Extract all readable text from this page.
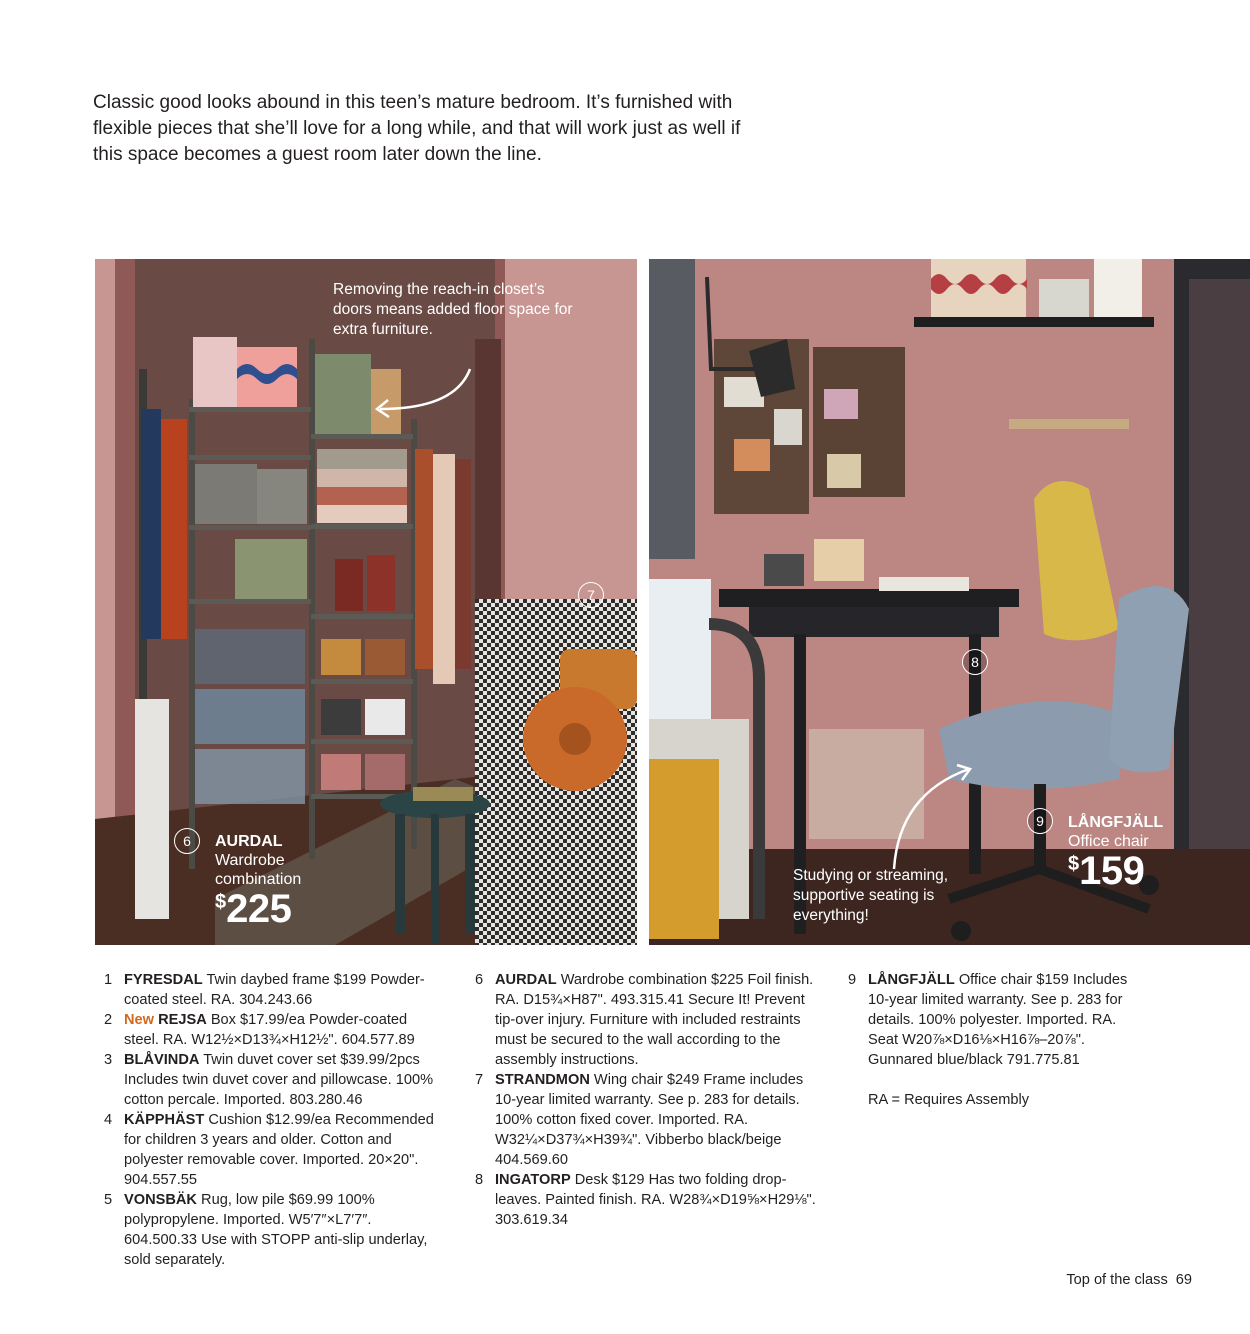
Classic good looks abound in this teen’s mature bedroom. It’s furnished with flexible pieces that she’ll love for a long while, and that will work just as well if this space becomes a guest room later down the line.

Removing the reach-in closet’s doors means added floor space for extra furniture.
7
6	AURDAL
Wardrobe
combination
$225
8
9	LÅNGFJÄLL
Office chair
$159
Studying or streaming, supportive seating is everything!
1 FYRESDAL Twin daybed frame $199 Powder-coated steel. RA. 304.243.66
2 New REJSA Box $17.99/ea Powder-coated steel. RA. W12½×D13¾×H12½". 604.577.89
3 BLÅVINDA Twin duvet cover set $39.99/2pcs Includes twin duvet cover and pillowcase. 100% cotton percale. Imported. 803.280.46
4 KÄPPHÄST Cushion $12.99/ea Recommended for children 3 years and older. Cotton and polyester removable cover. Imported. 20×20". 904.557.55
5 VONSBÄK Rug, low pile $69.99 100% polypropylene. Imported. W5′7″×L7′7″. 604.500.33 Use with STOPP anti-slip underlay, sold separately.
6 AURDAL Wardrobe combination $225 Foil finish. RA. D15¾×H87". 493.315.41 Secure It! Prevent tip-over injury. Furniture with included restraints must be secured to the wall according to the assembly instructions.
7 STRANDMON Wing chair $249 Frame includes 10-year limited warranty. See p. 283 for details. 100% cotton fixed cover. Imported. RA. W32¼×D37¾×H39¾". Vibberbo black/beige 404.569.60
8 INGATORP Desk $129 Has two folding drop-leaves. Painted finish. RA. W28¾×D19⅝×H29⅛". 303.619.34
9 LÅNGFJÄLL Office chair $159 Includes 10-year limited warranty. See p. 283 for details. 100% polyester. Imported. RA. Seat W20⅞×D16⅛×H16⅞–20⅞". Gunnared blue/black 791.775.81
RA = Requires Assembly
Top of the class 69
